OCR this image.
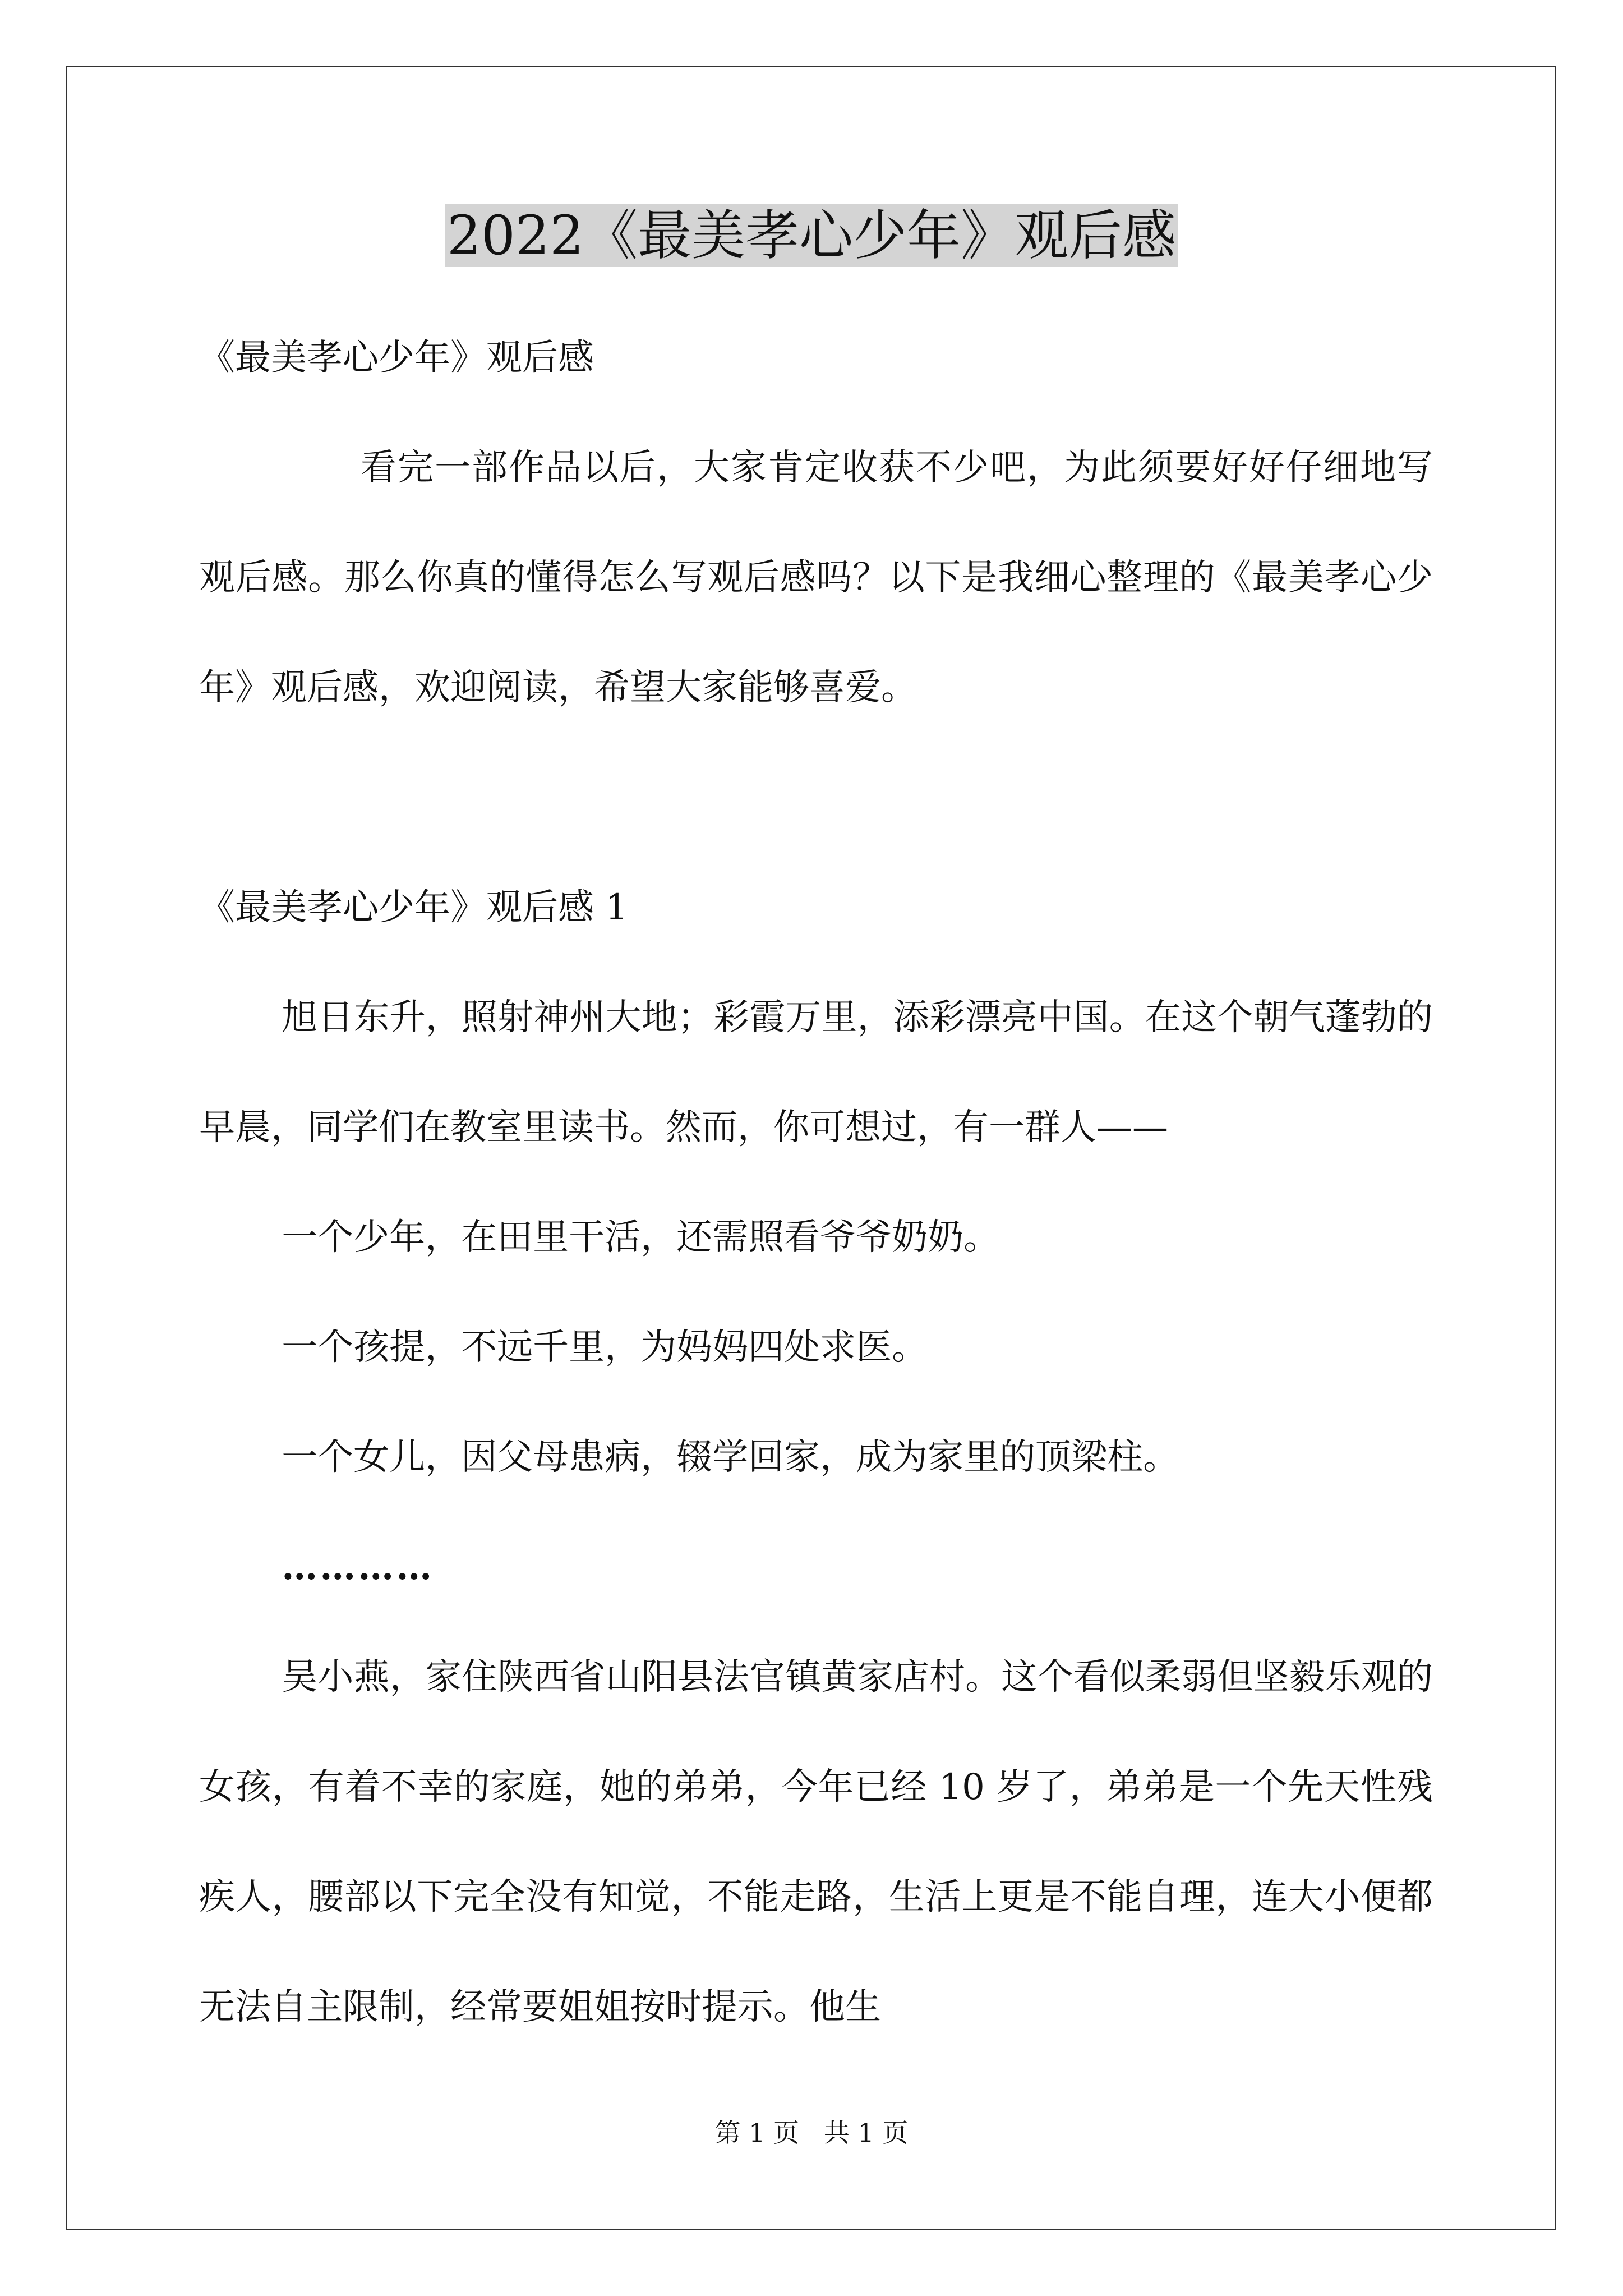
2022《最美孝心少年》观后感

《最美孝心少年》观后感

看完一部作品以后，大家肯定收获不少吧，为此须要好好仔细地写观后感。那么你真的懂得怎么写观后感吗？以下是我细心整理的《最美孝心少年》观后感，欢迎阅读，希望大家能够喜爱。

《最美孝心少年》观后感 1

旭日东升，照射神州大地；彩霞万里，添彩漂亮中国。在这个朝气蓬勃的早晨，同学们在教室里读书。然而，你可想过，有一群人——

一个少年，在田里干活，还需照看爷爷奶奶。

一个孩提，不远千里，为妈妈四处求医。

一个女儿，因父母患病，辍学回家，成为家里的顶梁柱。

…………

吴小燕，家住陕西省山阳县法官镇黄家店村。这个看似柔弱但坚毅乐观的女孩，有着不幸的家庭，她的弟弟，今年已经 10 岁了，弟弟是一个先天性残疾人，腰部以下完全没有知觉，不能走路，生活上更是不能自理，连大小便都无法自主限制，经常要姐姐按时提示。他生

第 1 页   共 1 页
